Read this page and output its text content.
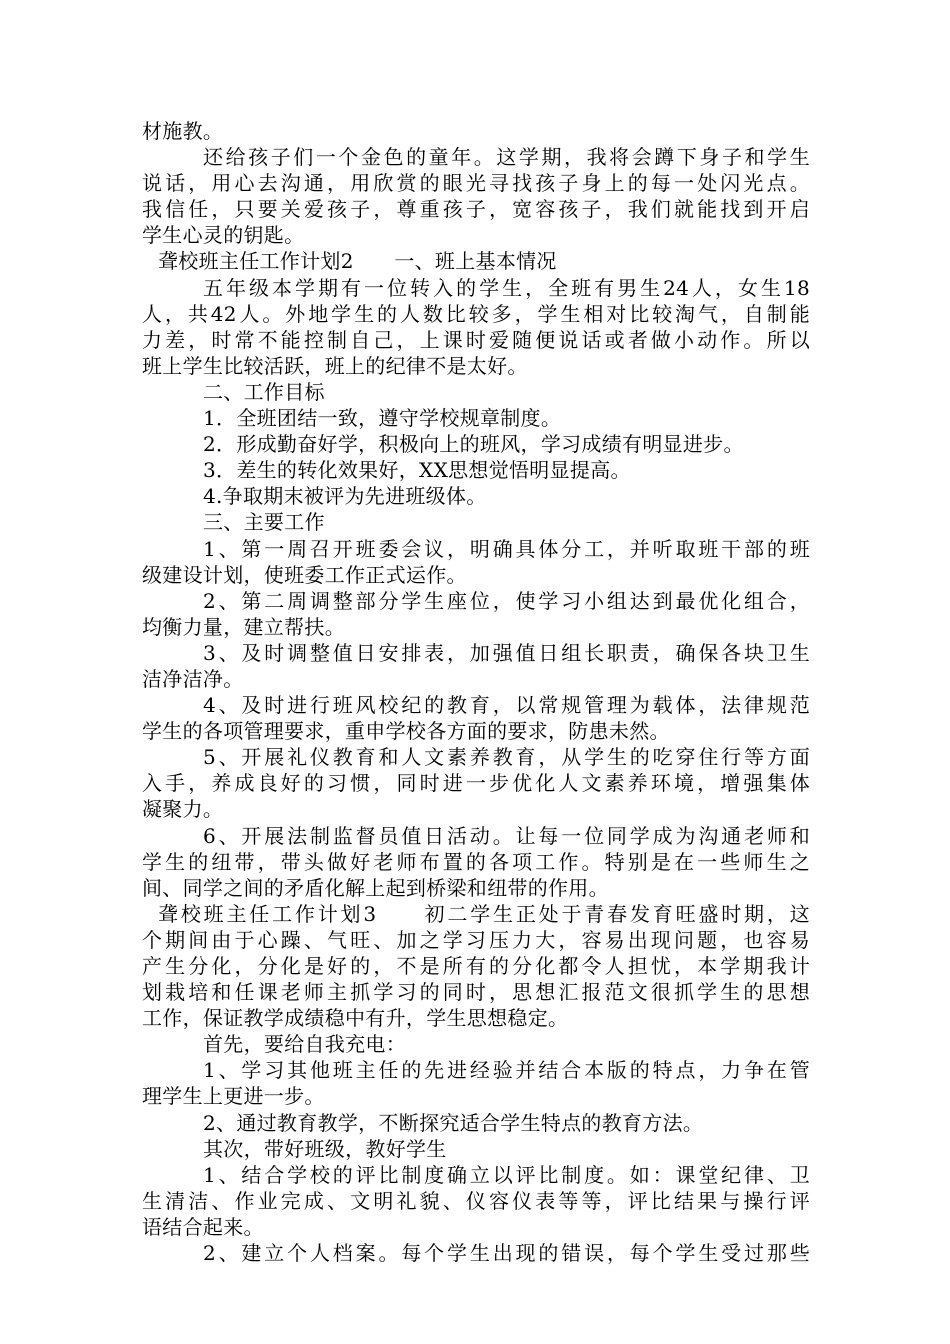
材施教。
还给孩子们一个金色的童年。这学期，我将会蹲下身子和学生
说话，用心去沟通，用欣赏的眼光寻找孩子身上的每一处闪光点。
我信任，只要关爱孩子，尊重孩子，宽容孩子，我们就能找到开启
学生心灵的钥匙。
聋校班主任工作计划2　　一、班上基本情况
五年级本学期有一位转入的学生，全班有男生24人，女生18
人，共42人。外地学生的人数比较多，学生相对比较淘气，自制能
力差，时常不能控制自己，上课时爱随便说话或者做小动作。所以
班上学生比较活跃，班上的纪律不是太好。
二、工作目标
1．全班团结一致，遵守学校规章制度。
2．形成勤奋好学，积极向上的班风，学习成绩有明显进步。
3．差生的转化效果好，XX思想觉悟明显提高。
4.争取期末被评为先进班级体。
三、主要工作
1、第一周召开班委会议，明确具体分工，并听取班干部的班
级建设计划，使班委工作正式运作。
2、第二周调整部分学生座位，使学习小组达到最优化组合，
均衡力量，建立帮扶。
3、及时调整值日安排表，加强值日组长职责，确保各块卫生
洁净洁净。
4、及时进行班风校纪的教育，以常规管理为载体，法律规范
学生的各项管理要求，重申学校各方面的要求，防患未然。
5、开展礼仪教育和人文素养教育，从学生的吃穿住行等方面
入手，养成良好的习惯，同时进一步优化人文素养环境，增强集体
凝聚力。
6、开展法制监督员值日活动。让每一位同学成为沟通老师和
学生的纽带，带头做好老师布置的各项工作。特别是在一些师生之
间、同学之间的矛盾化解上起到桥梁和纽带的作用。
聋校班主任工作计划3　　初二学生正处于青春发育旺盛时期，这
个期间由于心躁、气旺、加之学习压力大，容易出现问题，也容易
产生分化，分化是好的，不是所有的分化都令人担忧，本学期我计
划栽培和任课老师主抓学习的同时，思想汇报范文很抓学生的思想
工作，保证教学成绩稳中有升，学生思想稳定。
首先，要给自我充电：
1、学习其他班主任的先进经验并结合本版的特点，力争在管
理学生上更进一步。
2、通过教育教学，不断探究适合学生特点的教育方法。
其次，带好班级，教好学生
1、结合学校的评比制度确立以评比制度。如：课堂纪律、卫
生清洁、作业完成、文明礼貌、仪容仪表等等，评比结果与操行评
语结合起来。
2、建立个人档案。每个学生出现的错误，每个学生受过那些
